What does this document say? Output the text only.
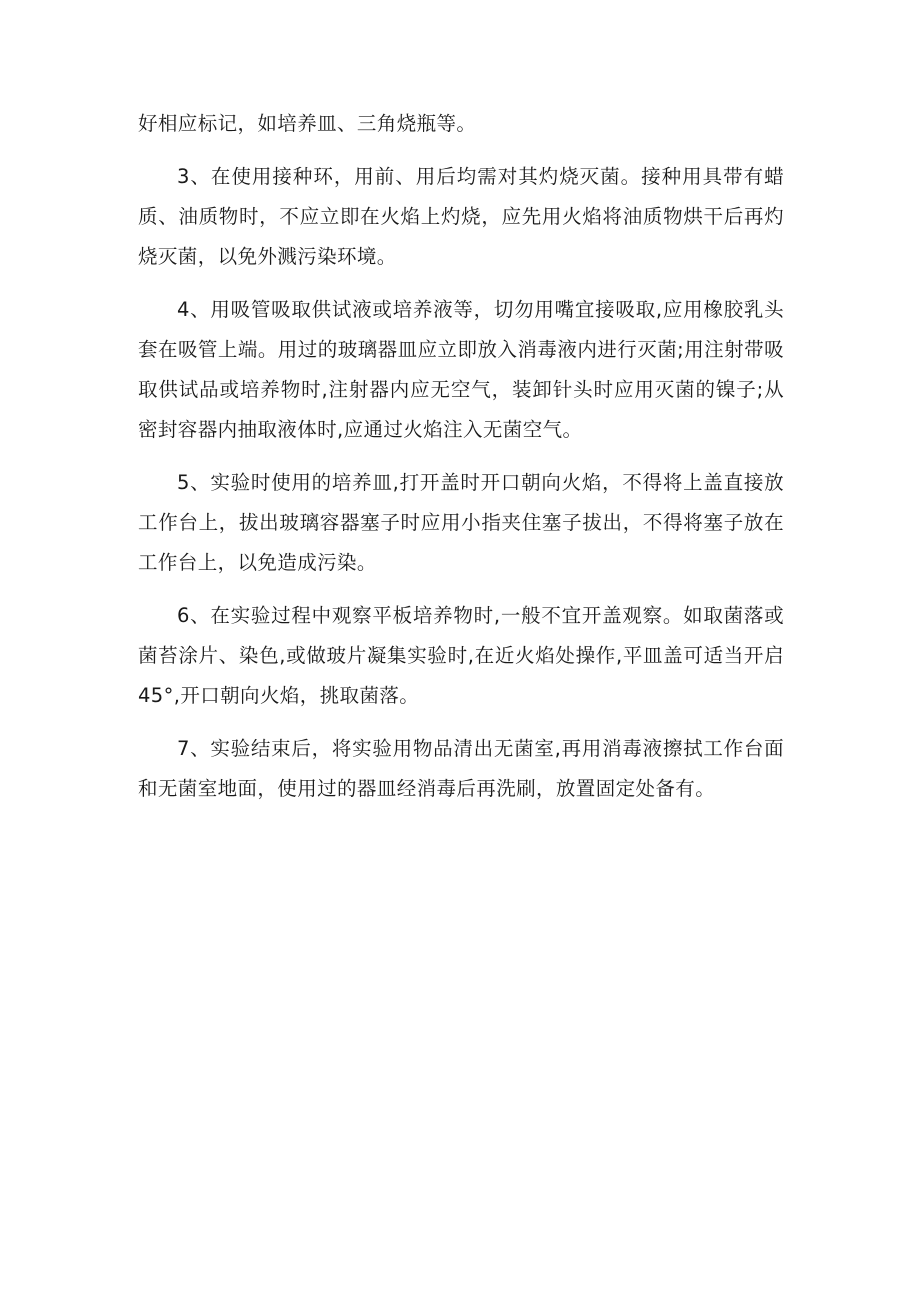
好相应标记，如培养皿、三角烧瓶等。

3、在使用接种环，用前、用后均需对其灼烧灭菌。接种用具带有蜡质、油质物时，不应立即在火焰上灼烧，应先用火焰将油质物烘干后再灼烧灭菌，以免外溅污染环境。

4、用吸管吸取供试液或培养液等，切勿用嘴宜接吸取,应用橡胶乳头套在吸管上端。用过的玻璃器皿应立即放入消毒液内进行灭菌;用注射带吸取供试品或培养物时,注射器内应无空气，装卸针头时应用灭菌的镍子;从密封容器内抽取液体时,应通过火焰注入无菌空气。

5、实验时使用的培养皿,打开盖时开口朝向火焰，不得将上盖直接放工作台上，拔出玻璃容器塞子时应用小指夹住塞子拔出，不得将塞子放在工作台上，以免造成污染。

6、在实验过程中观察平板培养物时,一般不宜开盖观察。如取菌落或菌苔涂片、染色,或做玻片凝集实验时,在近火焰处操作,平皿盖可适当开启45°,开口朝向火焰，挑取菌落。

7、实验结束后，将实验用物品清出无菌室,再用消毒液擦拭工作台面和无菌室地面，使用过的器皿经消毒后再洗刷，放置固定处备有。
